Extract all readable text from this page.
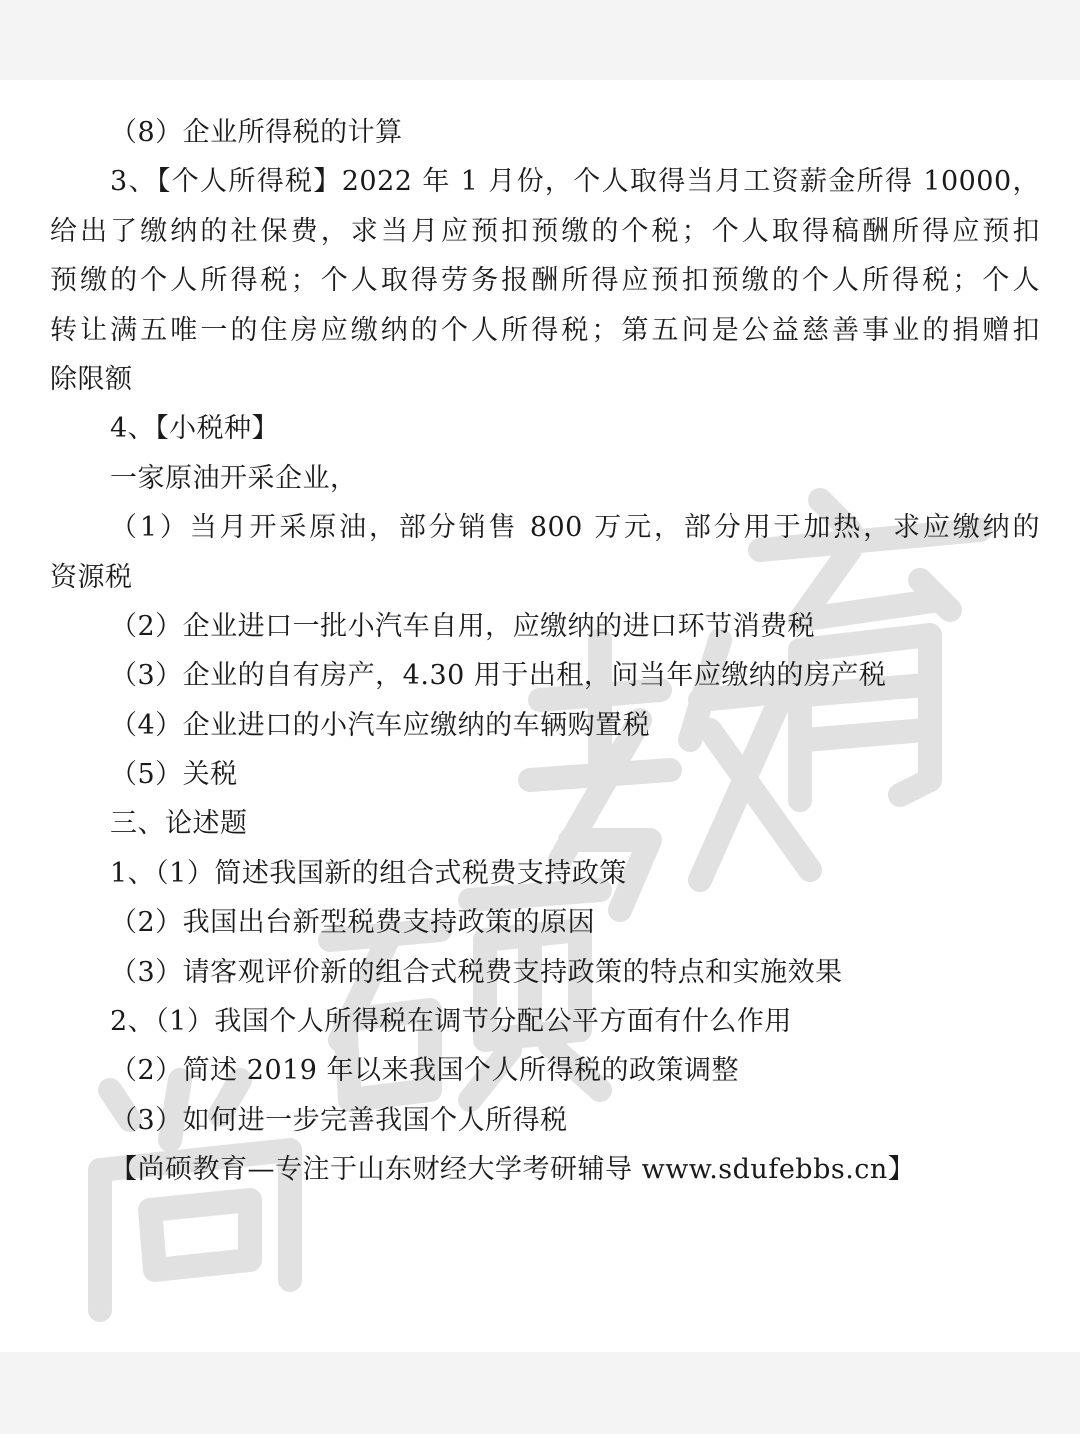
（8）企业所得税的计算
3、【个人所得税】2022 年 1 月份，个人取得当月工资薪金所得 10000，
给出了缴纳的社保费，求当月应预扣预缴的个税；个人取得稿酬所得应预扣
预缴的个人所得税；个人取得劳务报酬所得应预扣预缴的个人所得税；个人
转让满五唯一的住房应缴纳的个人所得税；第五问是公益慈善事业的捐赠扣
除限额
4、【小税种】
一家原油开采企业，
（1）当月开采原油，部分销售 800 万元，部分用于加热，求应缴纳的
资源税
（2）企业进口一批小汽车自用，应缴纳的进口环节消费税
（3）企业的自有房产，4.30 用于出租，问当年应缴纳的房产税
（4）企业进口的小汽车应缴纳的车辆购置税
（5）关税
三、论述题
1、（1）简述我国新的组合式税费支持政策
（2）我国出台新型税费支持政策的原因
（3）请客观评价新的组合式税费支持政策的特点和实施效果
2、（1）我国个人所得税在调节分配公平方面有什么作用
（2）简述 2019 年以来我国个人所得税的政策调整
（3）如何进一步完善我国个人所得税
【尚硕教育—专注于山东财经大学考研辅导 www.sdufebbs.cn】
